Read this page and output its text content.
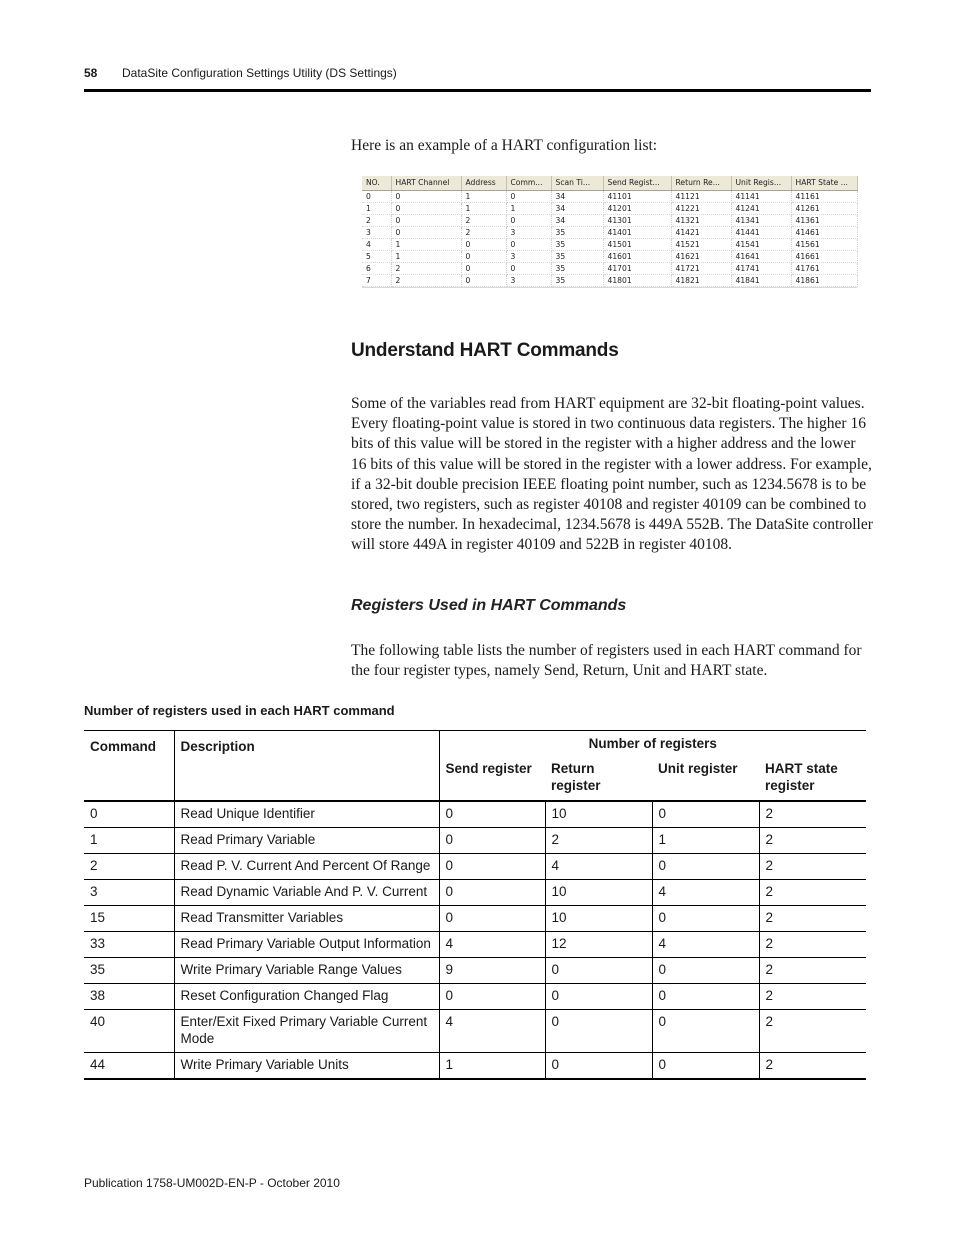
58 DataSite Configuration Settings Utility (DS Settings)

Here is an example of a HART configuration list:

NO.	HART Channel	Address	Comm...	Scan Ti...	Send Regist...	Return Re...	Unit Regis...	HART State ...
0	0	1	0	34	41101	41121	41141	41161
1	0	1	1	34	41201	41221	41241	41261
2	0	2	0	34	41301	41321	41341	41361
3	0	2	3	35	41401	41421	41441	41461
4	1	0	0	35	41501	41521	41541	41561
5	1	0	3	35	41601	41621	41641	41661
6	2	0	0	35	41701	41721	41741	41761
7	2	0	3	35	41801	41821	41841	41861
Understand HART Commands

Some of the variables read from HART equipment are 32-bit floating-point values. Every floating-point value is stored in two continuous data registers. The higher 16 bits of this value will be stored in the register with a higher address and the lower 16 bits of this value will be stored in the register with a lower address. For example, if a 32-bit double precision IEEE floating point number, such as 1234.5678 is to be stored, two registers, such as register 40108 and register 40109 can be combined to store the number. In hexadecimal, 1234.5678 is 449A 552B. The DataSite controller will store 449A in register 40109 and 522B in register 40108.

Registers Used in HART Commands

The following table lists the number of registers used in each HART command for the four register types, namely Send, Return, Unit and HART state.

Number of registers used in each HART command
Command	Description	Number of registers			
		Send register	Return register	Unit register	HART state register
0	Read Unique Identifier	0	10	0	2
1	Read Primary Variable	0	2	1	2
2	Read P. V. Current And Percent Of Range	0	4	0	2
3	Read Dynamic Variable And P. V. Current	0	10	4	2
15	Read Transmitter Variables	0	10	0	2
33	Read Primary Variable Output Information	4	12	4	2
35	Write Primary Variable Range Values	9	0	0	2
38	Reset Configuration Changed Flag	0	0	0	2
40	Enter/Exit Fixed Primary Variable Current Mode	4	0	0	2
44	Write Primary Variable Units	1	0	0	2
Publication 1758-UM002D-EN-P - October 2010
